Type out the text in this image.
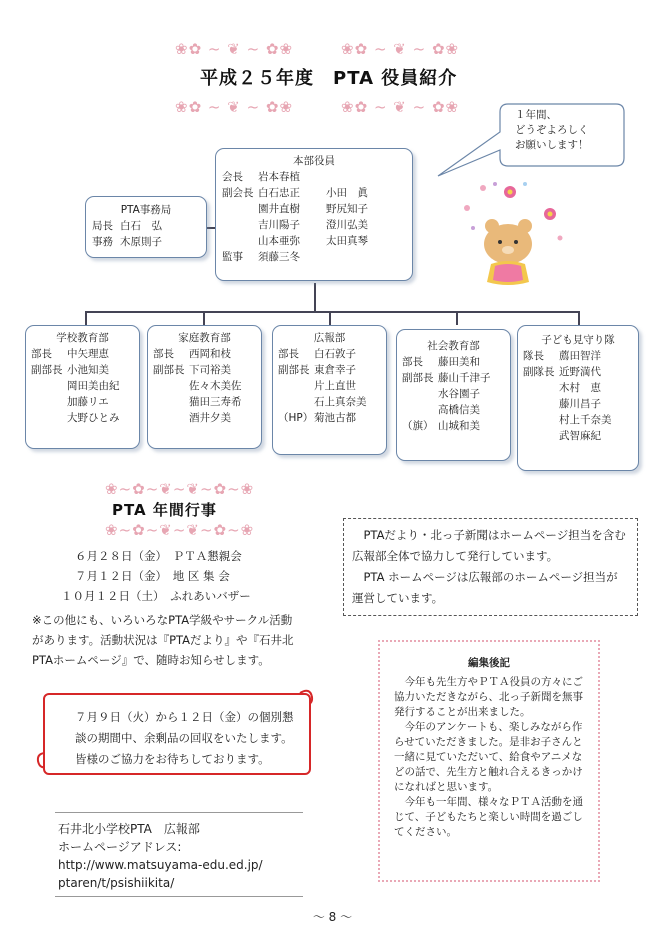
❀✿ ~ ❦ ~ ✿❀　　　❀✿ ~ ❦ ~ ✿❀
平成２５年度　PTA 役員紹介
❀✿ ~ ❦ ~ ✿❀　　　❀✿ ~ ❦ ~ ✿❀	１年間、
どうぞよろしく
お願いします！
本部役員
会長	岩本春植
副会長 白石忠正	小田　眞
園井直樹	野尻知子
吉川陽子	澄川弘美
山本亜弥	太田真琴
監事	須藤三冬
PTA事務局
局長 白石　弘
事務 木原則子
学校教育部
部長	中矢理恵
副部長 小池知美
岡田美由紀
加藤リエ
大野ひとみ
家庭教育部
部長	西岡和枝
副部長 下司裕美
佐々木美佐
猫田三寿希
酒井夕美
広報部
部長	白石敦子
副部長 東倉幸子
片上直世
石上真奈美
（HP） 菊池古都
社会教育部
部長	藤田美和
副部長 藤山千津子
水谷園子
高橋信美
（旗） 山城和美
子ども見守り隊
隊長	薦田智洋
副隊長 近野満代
木村　恵
藤川昌子
村上千奈美
武智麻紀
❀~✿~❦~❦~✿~❀
PTA 年間行事
❀~✿~❦~❦~✿~❀
６月２８日（金）　ＰＴＡ懇親会
７月１２日（金）　地 区 集 会
１０月１２日（土）　ふれあいバザー
※この他にも、いろいろなPTA学級やサークル活動があります。活動状況は『PTAだより』や『石井北PTAホームページ』で、随時お知らせします。
７月９日（火）から１２日（金）の個別懇談の期間中、余剰品の回収をいたします。皆様のご協力をお待ちしております。
PTAだより・北っ子新聞はホームページ担当を含む広報部全体で協力して発行しています。
PTA ホームページは広報部のホームページ担当が運営しています。
編集後記
今年も先生方やＰＴＡ役員の方々にご協力いただきながら、北っ子新聞を無事発行することが出来ました。
今年のアンケートも、楽しみながら作らせていただきました。是非お子さんと一緒に見ていただいて、給食やアニメなどの話で、先生方と触れ合えるきっかけになればと思います。
今年も一年間、様々なＰＴＡ活動を通じて、子どもたちと楽しい時間を過ごしてください。
石井北小学校PTA　広報部
ホームページアドレス:
http://www.matsuyama-edu.ed.jp/
ptaren/t/psishiikita/
～ 8 ～
